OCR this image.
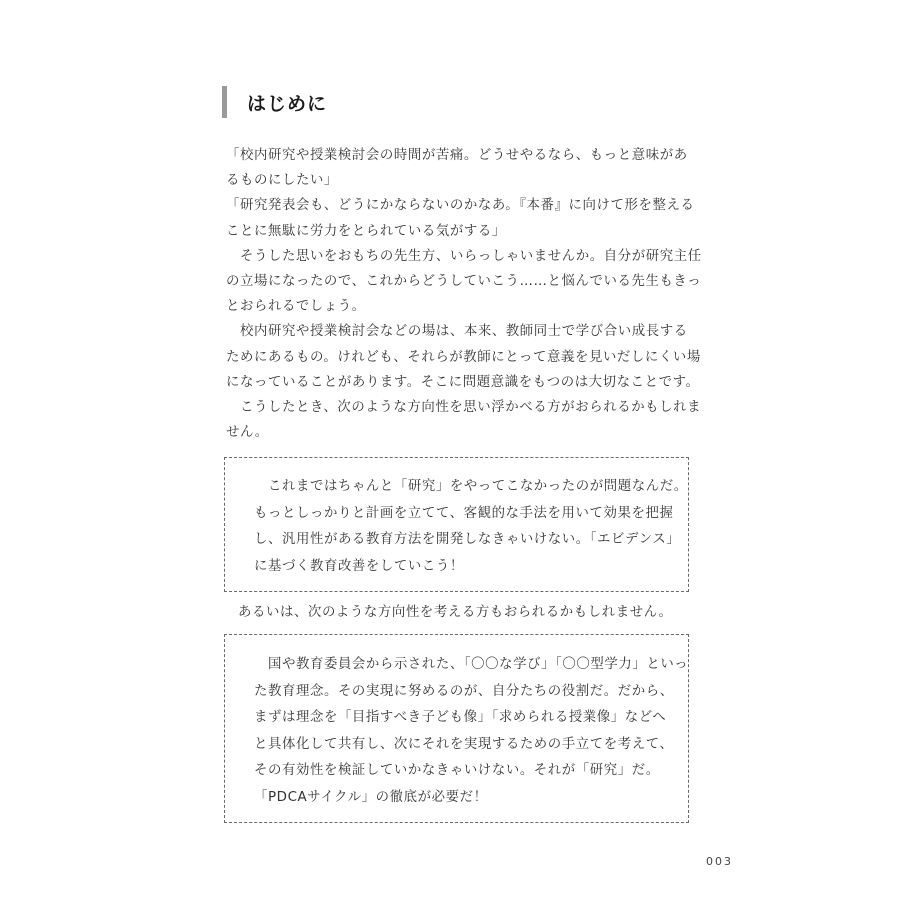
はじめに

「校内研究や授業検討会の時間が苦痛。どうせやるなら、もっと意味があ

るものにしたい」

「研究発表会も、どうにかならないのかなあ。『本番』に向けて形を整える

ことに無駄に労力をとられている気がする」

　そうした思いをおもちの先生方、いらっしゃいませんか。自分が研究主任

の立場になったので、これからどうしていこう……と悩んでいる先生もきっ

とおられるでしょう。

　校内研究や授業検討会などの場は、本来、教師同士で学び合い成長する

ためにあるもの。けれども、それらが教師にとって意義を見いだしにくい場

になっていることがあります。そこに問題意識をもつのは大切なことです。

　こうしたとき、次のような方向性を思い浮かべる方がおられるかもしれま

せん。

　これまではちゃんと「研究」をやってこなかったのが問題なんだ。

もっとしっかりと計画を立てて、客観的な手法を用いて効果を把握

し、汎用性がある教育方法を開発しなきゃいけない。「エビデンス」

に基づく教育改善をしていこう！

あるいは、次のような方向性を考える方もおられるかもしれません。

　国や教育委員会から示された、「〇〇な学び」「〇〇型学力」といっ

た教育理念。その実現に努めるのが、自分たちの役割だ。だから、

まずは理念を「目指すべき子ども像」「求められる授業像」などへ

と具体化して共有し、次にそれを実現するための手立てを考えて、

その有効性を検証していかなきゃいけない。それが「研究」だ。

「PDCAサイクル」の徹底が必要だ！

003
